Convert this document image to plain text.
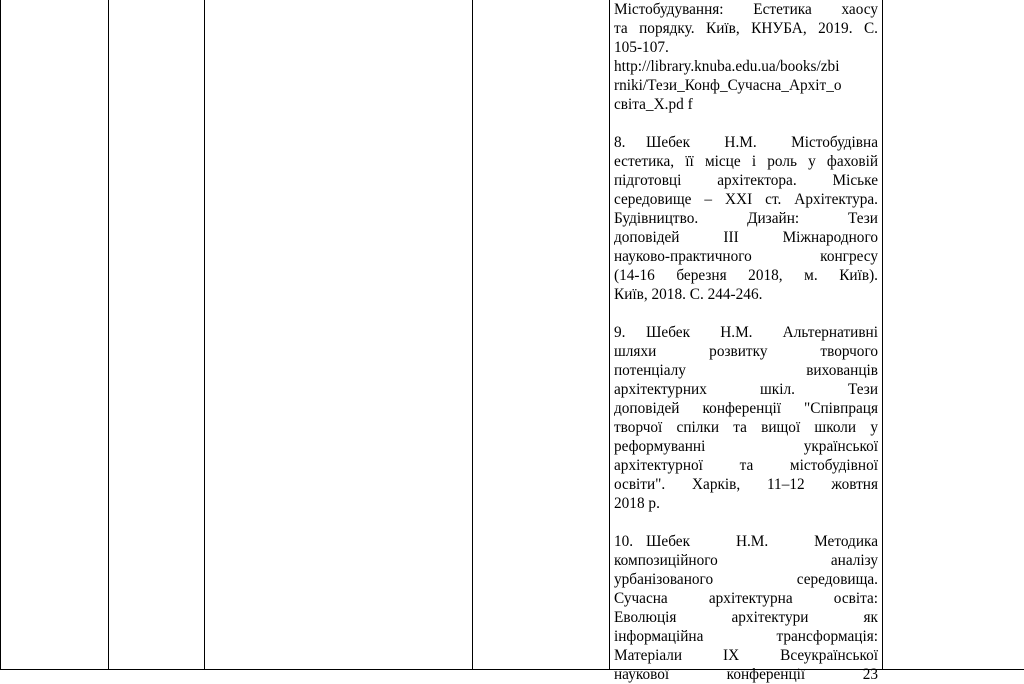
Містобудування: Естетика хаосу
та порядку. Київ, КНУБА, 2019. С.
105-107.
http://library.knuba.edu.ua/books/zbi
rniki/Тези_Конф_Сучасна_Архіт_о
світа_X.pd f
8.	Шебек Н.М. Містобудівна
естетика, її місце і роль у фаховій
підготовці архітектора. Міське
середовище – XXI ст. Архітектура.
Будівництво. Дизайн: Тези
доповідей III Міжнародного
науково-практичного конгресу
(14-16 березня 2018, м. Київ).
Київ, 2018. С. 244-246.
9.	Шебек Н.М. Альтернативні
шляхи розвитку творчого
потенціалу вихованців
архітектурних шкіл. Тези
доповідей конференції "Співпраця
творчої спілки та вищої школи у
реформуванні української
архітектурної та містобудівної
освіти". Харків, 11–12 жовтня
2018 р.
10. Шебек Н.М. Методика
композиційного аналізу
урбанізованого середовища.
Сучасна архітектурна освіта:
Еволюція архітектури як
інформаційна трансформація:
Матеріали IX Всеукраїнської
наукової конференції 23
